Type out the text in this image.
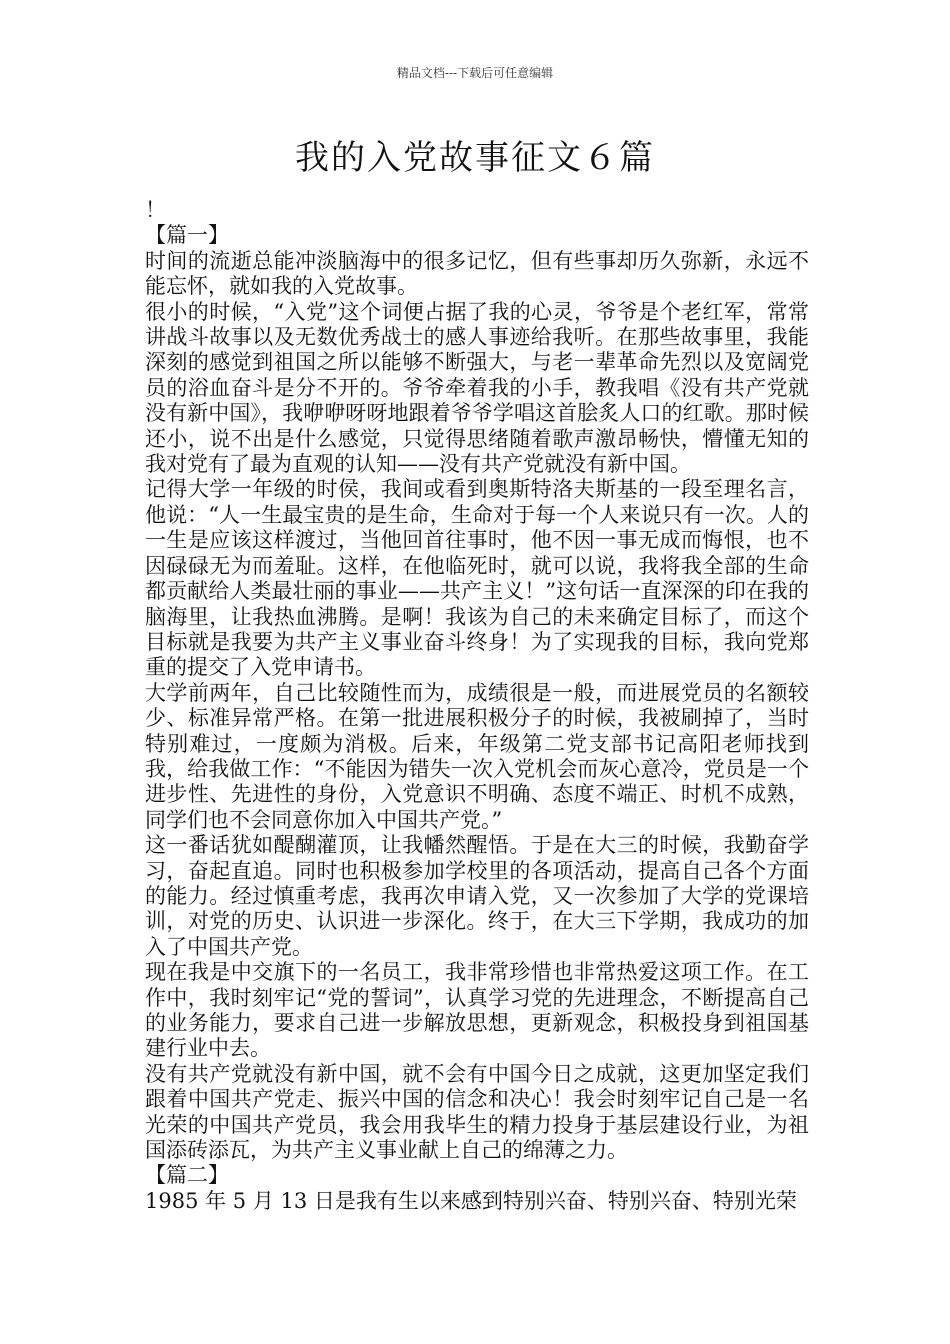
精品文档---下载后可任意编辑
我的入党故事征文６篇

！

【篇一】

时间的流逝总能冲淡脑海中的很多记忆，但有些事却历久弥新，永远不能忘怀，就如我的入党故事。

很小的时候，“入党”这个词便占据了我的心灵，爷爷是个老红军，常常讲战斗故事以及无数优秀战士的感人事迹给我听。在那些故事里，我能深刻的感觉到祖国之所以能够不断强大，与老一辈革命先烈以及宽阔党员的浴血奋斗是分不开的。爷爷牵着我的小手，教我唱《没有共产党就没有新中国》，我咿咿呀呀地跟着爷爷学唱这首脍炙人口的红歌。那时候还小，说不出是什么感觉，只觉得思绪随着歌声激昂畅快，懵懂无知的我对党有了最为直观的认知——没有共产党就没有新中国。

记得大学一年级的时侯，我间或看到奥斯特洛夫斯基的一段至理名言，他说：“人一生最宝贵的是生命，生命对于每一个人来说只有一次。人的一生是应该这样渡过，当他回首往事时，他不因一事无成而悔恨，也不因碌碌无为而羞耻。这样，在他临死时，就可以说，我将我全部的生命都贡献给人类最壮丽的事业——共产主义！”这句话一直深深的印在我的脑海里，让我热血沸腾。是啊！我该为自己的未来确定目标了，而这个目标就是我要为共产主义事业奋斗终身！为了实现我的目标，我向党郑重的提交了入党申请书。

大学前两年，自己比较随性而为，成绩很是一般，而进展党员的名额较少、标准异常严格。在第一批进展积极分子的时候，我被刷掉了，当时特别难过，一度颇为消极。后来，年级第二党支部书记高阳老师找到我，给我做工作：“不能因为错失一次入党机会而灰心意冷，党员是一个进步性、先进性的身份，入党意识不明确、态度不端正、时机不成熟，同学们也不会同意你加入中国共产党。”

这一番话犹如醍醐灌顶，让我幡然醒悟。于是在大三的时候，我勤奋学习，奋起直追。同时也积极参加学校里的各项活动，提高自己各个方面的能力。经过慎重考虑，我再次申请入党，又一次参加了大学的党课培训，对党的历史、认识进一步深化。终于，在大三下学期，我成功的加入了中国共产党。

现在我是中交旗下的一名员工，我非常珍惜也非常热爱这项工作。在工作中，我时刻牢记“党的誓词”，认真学习党的先进理念，不断提高自己的业务能力，要求自己进一步解放思想，更新观念，积极投身到祖国基建行业中去。

没有共产党就没有新中国，就不会有中国今日之成就，这更加坚定我们跟着中国共产党走、振兴中国的信念和决心！我会时刻牢记自己是一名光荣的中国共产党员，我会用我毕生的精力投身于基层建设行业，为祖国添砖添瓦，为共产主义事业献上自己的绵薄之力。

【篇二】

1985 年 5 月 13 日是我有生以来感到特别兴奋、特别兴奋、特别光荣
